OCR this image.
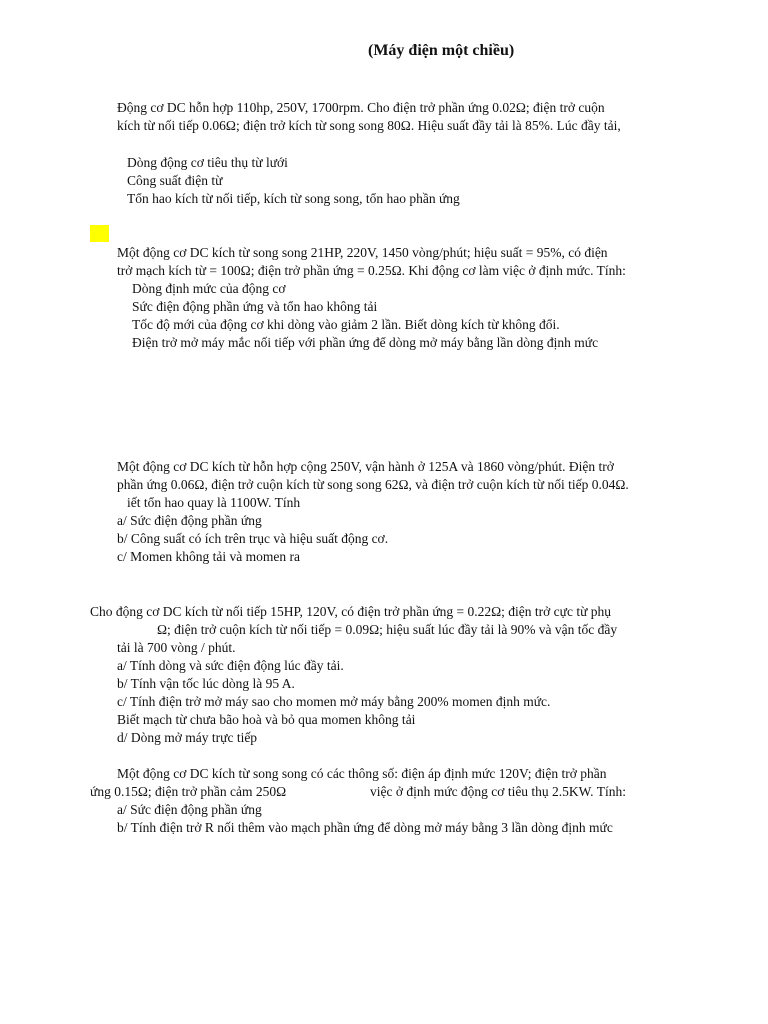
(Máy điện một chiều)
Động cơ DC hỗn hợp 110hp, 250V, 1700rpm. Cho điện trở phần ứng 0.02Ω; điện trở cuộn
kích từ nối tiếp 0.06Ω; điện trở kích từ song song 80Ω. Hiệu suất đầy tải là 85%. Lúc đầy tải,
Dòng động cơ tiêu thụ từ lưới
Công suất điện từ
Tổn hao kích từ nối tiếp, kích từ song song, tổn hao phần ứng
Một động cơ DC kích từ song song 21HP, 220V, 1450 vòng/phút; hiệu suất = 95%, có điện
trở mạch kích từ = 100Ω; điện trở phần ứng = 0.25Ω. Khi động cơ làm việc ở định mức. Tính:
Dòng định mức của động cơ
Sức điện động phần ứng và tổn hao không tải
Tốc độ mới của động cơ khi dòng vào giảm 2 lần. Biết dòng kích từ không đổi.
Điện trở mở máy mắc nối tiếp với phần ứng để dòng mở máy bằng lần dòng định mức
Một động cơ DC kích từ hỗn hợp cộng 250V, vận hành ở 125A và 1860 vòng/phút. Điện trở
phần ứng 0.06Ω, điện trở cuộn kích từ song song 62Ω, và điện trở cuộn kích từ nối tiếp 0.04Ω.
iết tổn hao quay là 1100W. Tính
a/ Sức điện động phần ứng
b/ Công suất có ích trên trục và hiệu suất động cơ.
c/ Momen không tải và momen ra
Cho động cơ DC kích từ nối tiếp 15HP, 120V, có điện trở phần ứng = 0.22Ω; điện trở cực từ phụ
Ω; điện trở cuộn kích từ nối tiếp = 0.09Ω; hiệu suất lúc đầy tải là 90% và vận tốc đầy
tải là 700 vòng / phút.
a/ Tính dòng và sức điện động lúc đầy tải.
b/ Tính vận tốc lúc dòng là 95 A.
c/ Tính điện trở mở máy sao cho momen mở máy bằng 200% momen định mức.
Biết mạch từ chưa bão hoà và bỏ qua momen không tải
d/ Dòng mở máy trực tiếp
Một động cơ DC kích từ song song có các thông số: điện áp định mức 120V; điện trở phần
ứng 0.15Ω; điện trở phần cảm 250Ω	việc ở định mức động cơ tiêu thụ 2.5KW. Tính:
a/ Sức điện động phần ứng
b/ Tính điện trở R nối thêm vào mạch phần ứng để dòng mở máy bằng 3 lần dòng định mức
